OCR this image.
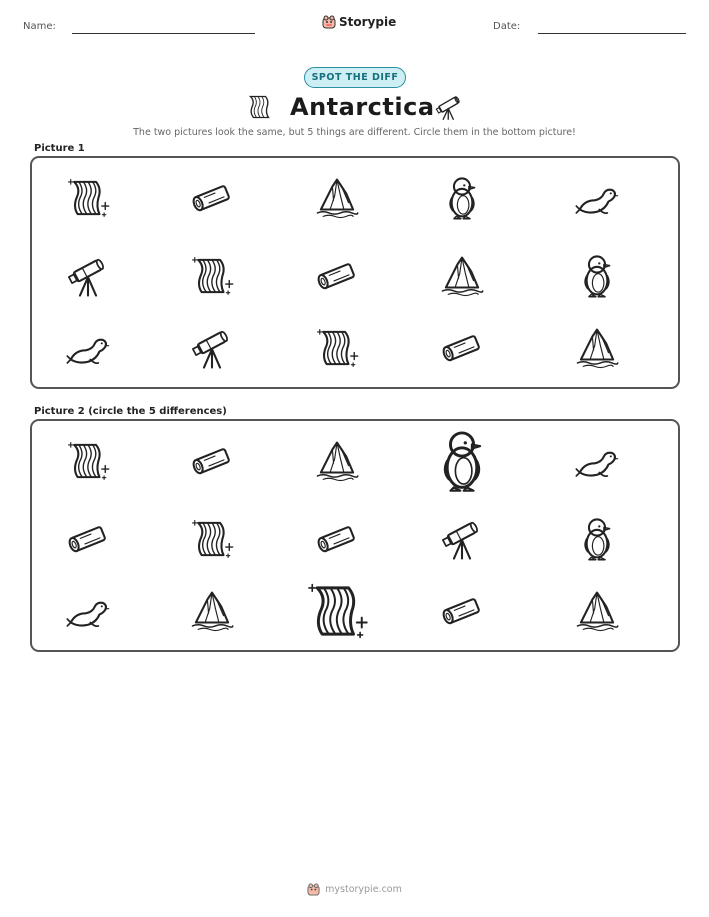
Name:	Storypie	Date:
SPOT THE DIFF
Antarctica
The two pictures look the same, but 5 things are different. Circle them in the bottom picture!
Picture 1
Picture 2 (circle the 5 differences)
mystorypie.com
